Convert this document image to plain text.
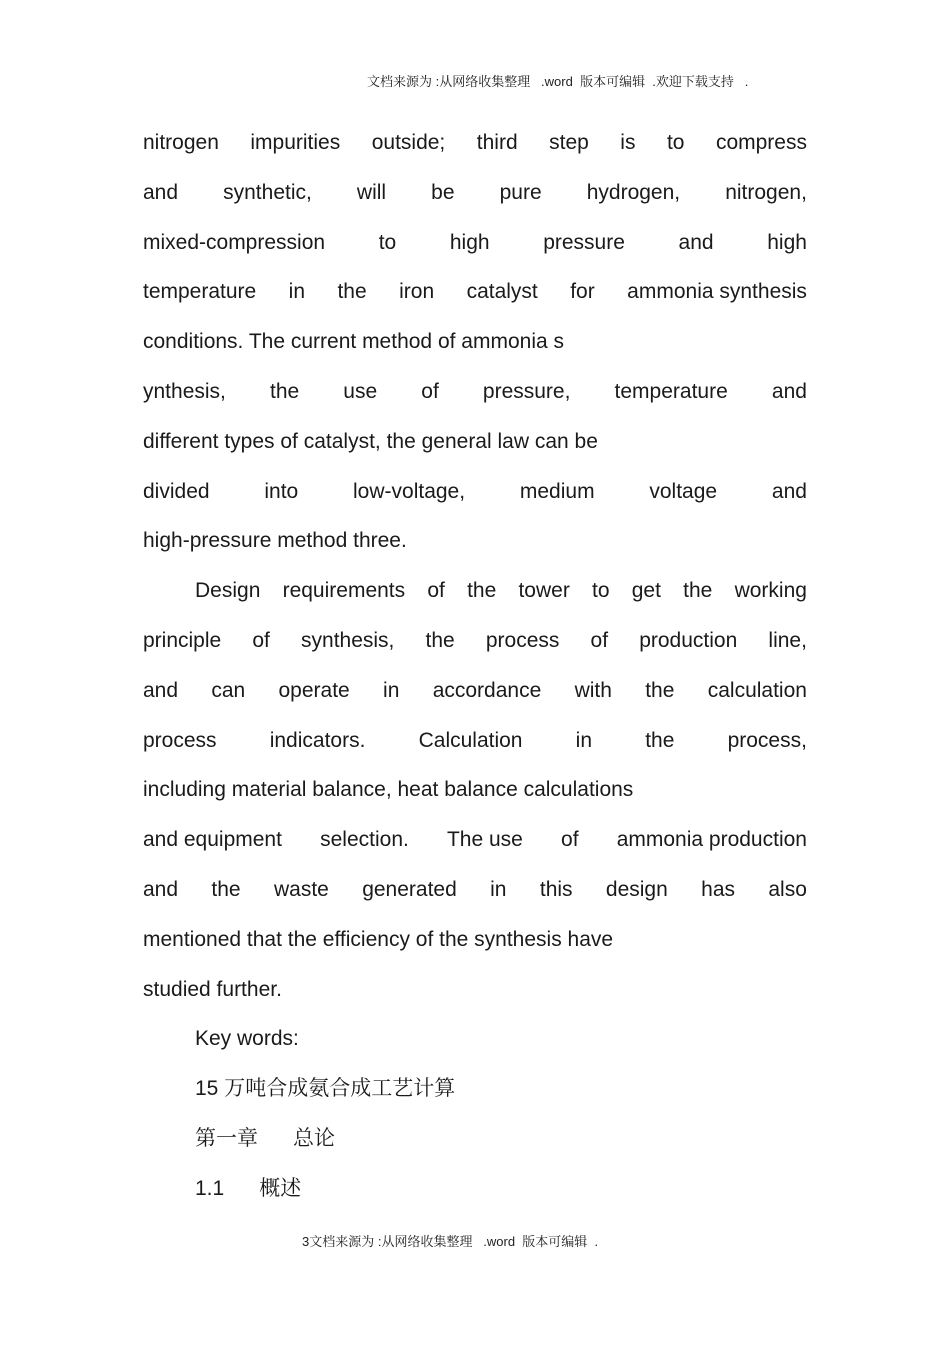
文档来源为 :从网络收集整理   .word  版本可编辑  .欢迎下载支持   .
nitrogen impurities outside; third step is to compress
and synthetic, will be pure hydrogen, nitrogen,
mixed-compression	to	high	pressure	and	high
temperature in the iron catalyst for ammonia synthesis
conditions. The current method of ammonia s
ynthesis, the use of pressure, temperature and
different types of catalyst, the general law can be
divided	into	low-voltage,	medium	voltage	and
high-pressure method three.
Design requirements of the tower to get the working
principle of synthesis, the process of production line,
and can operate in accordance with the calculation
process	indicators.	Calculation	in	the	process,
including material balance, heat balance calculations
and equipment selection. The use of ammonia production
and the waste generated in this design has also
mentioned that the efficiency of the synthesis have
studied further.
Key words:
15 万吨合成氨合成工艺计算
第一章      总论
1.1      概述
3文档来源为 :从网络收集整理   .word  版本可编辑  .
